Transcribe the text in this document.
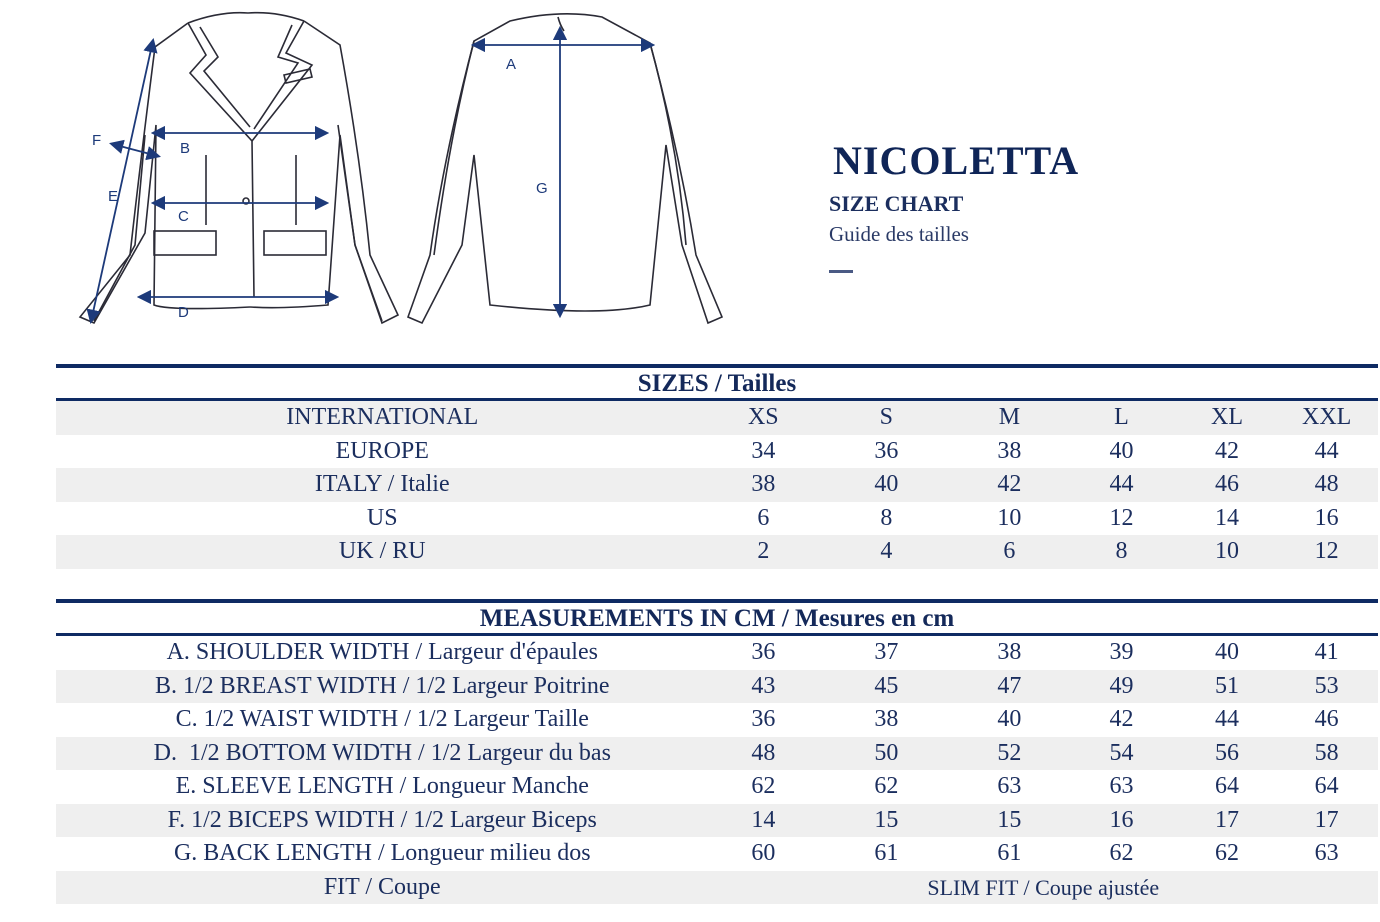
F
E
B
C
D
A
G
NICOLETTA
SIZE CHART
Guide des tailles
SIZES / Tailles
INTERNATIONAL	XS	S	M	L	XL	XXL
EUROPE	34	36	38	40	42	44
ITALY / Italie	38	40	42	44	46	48
US	6	8	10	12	14	16
UK / RU	2	4	6	8	10	12
MEASUREMENTS IN CM / Mesures en cm
A. SHOULDER WIDTH / Largeur d'épaules	36	37	38	39	40	41
B. 1/2 BREAST WIDTH / 1/2 Largeur Poitrine	43	45	47	49	51	53
C. 1/2 WAIST WIDTH / 1/2 Largeur Taille	36	38	40	42	44	46
D.  1/2 BOTTOM WIDTH / 1/2 Largeur du bas	48	50	52	54	56	58
E. SLEEVE LENGTH / Longueur Manche	62	62	63	63	64	64
F. 1/2 BICEPS WIDTH / 1/2 Largeur Biceps	14	15	15	16	17	17
G. BACK LENGTH / Longueur milieu dos	60	61	61	62	62	63
FIT / Coupe	SLIM FIT / Coupe ajustée
